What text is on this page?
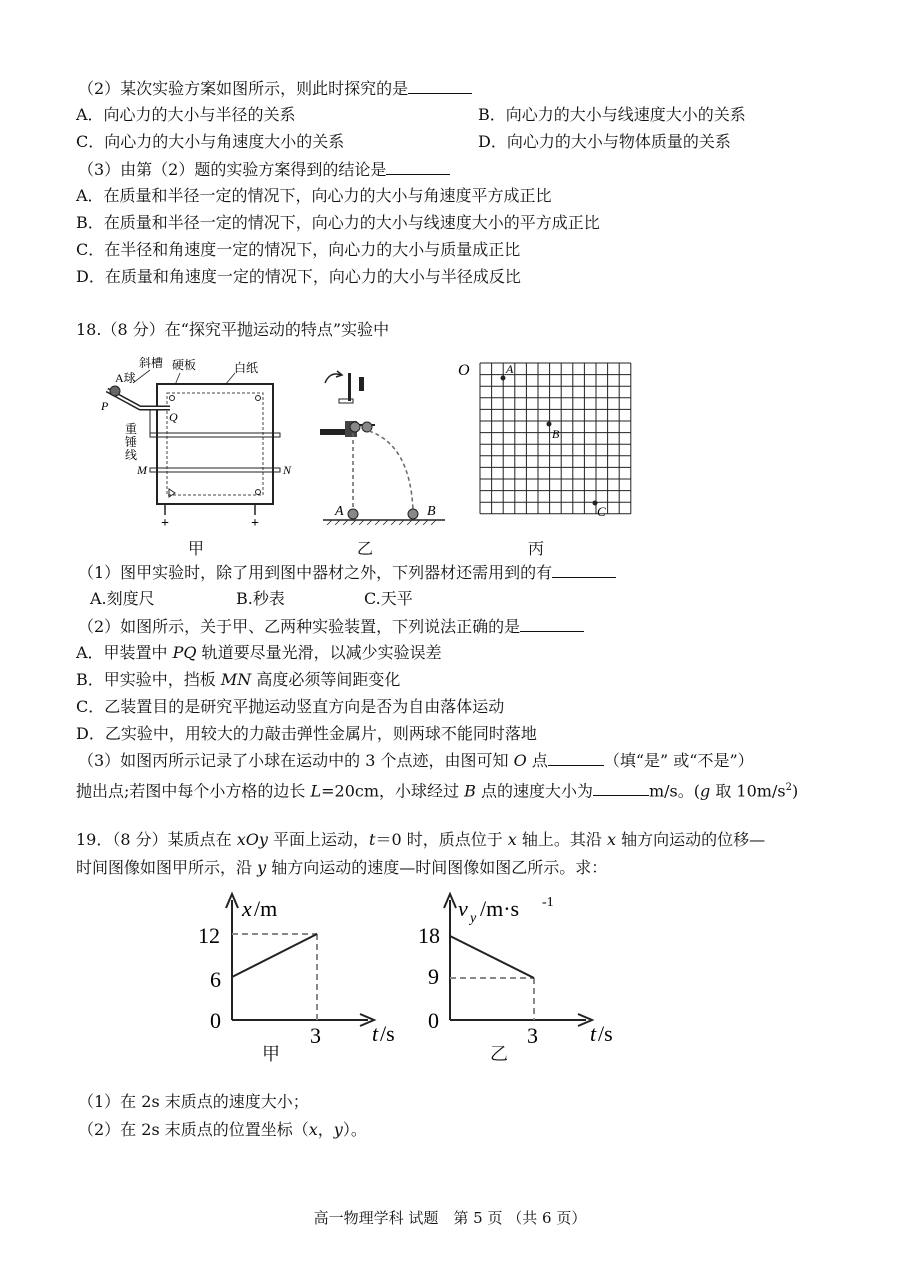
（2）某次实验方案如图所示，则此时探究的是
A．向心力的大小与半径的关系	B．向心力的大小与线速度大小的关系
C．向心力的大小与角速度大小的关系	D．向心力的大小与物体质量的关系
（3）由第（2）题的实验方案得到的结论是
A．在质量和半径一定的情况下，向心力的大小与角速度平方成正比
B．在质量和半径一定的情况下，向心力的大小与线速度大小的平方成正比
C．在半径和角速度一定的情况下，向心力的大小与质量成正比
D．在质量和角速度一定的情况下，向心力的大小与半径成反比
18.（8 分）在“探究平抛运动的特点”实验中
+	+
斜槽 硬板	白纸
A球
P
Q
重
锤
线
M	N
甲
A	B
乙
O	A
B
C
丙
（1）图甲实验时，除了用到图中器材之外，下列器材还需用到的有
A.刻度尺	B.秒表	C.天平
（2）如图所示，关于甲、乙两种实验装置，下列说法正确的是
A．甲装置中 PQ 轨道要尽量光滑，以减少实验误差
B．甲实验中，挡板 MN 高度必须等间距变化
C．乙装置目的是研究平抛运动竖直方向是否为自由落体运动
D．乙实验中，用较大的力敲击弹性金属片，则两球不能同时落地
（3）如图丙所示记录了小球在运动中的 3 个点迹，由图可知 O 点	（填“是” 或“不是”）
抛出点;若图中每个小方格的边长 L=20cm，小球经过 B 点的速度大小为	m/s。(g 取 $10m/s^2$)
19．（8 分）某质点在 xOy 平面上运动，t＝0 时，质点位于 x 轴上。其沿 x 轴方向运动的位移—
时间图像如图甲所示，沿 y 轴方向运动的速度—时间图像如图乙所示。求：
x /m
t /s
12
6
0
3
甲
v y /m·s -1
t /s
18
9
0
3
乙
（1）在 2s 末质点的速度大小；
（2）在 2s 末质点的位置坐标（x，y）。
高一物理学科 试题　第 5 页 （共 6 页）
